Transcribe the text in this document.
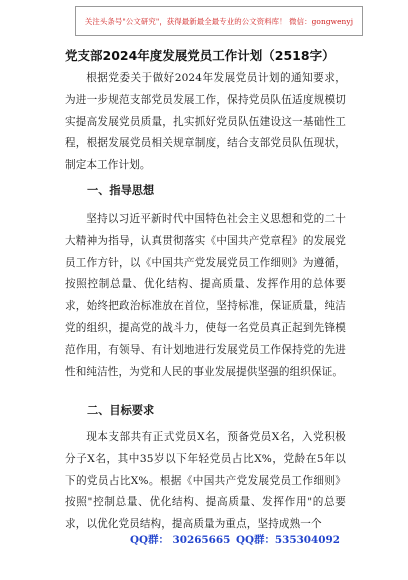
关注头条号"公文研究"，获得最新最全最专业的公文资料库！ 微信：gongwenyj
党支部2024年度发展党员工作计划（2518字）

根据党委关于做好2024年发展党员计划的通知要求，为进一步规范支部党员发展工作，保持党员队伍适度规模切实提高发展党员质量，扎实抓好党员队伍建设这一基础性工程，根据发展党员相关规章制度，结合支部党员队伍现状，制定本工作计划。

一、指导思想

坚持以习近平新时代中国特色社会主义思想和党的二十大精神为指导，认真贯彻落实《中国共产党章程》的发展党员工作方针，以《中国共产党发展党员工作细则》为遵循，按照控制总量、优化结构、提高质量、发挥作用的总体要求，始终把政治标准放在首位，坚持标准，保证质量，纯洁党的组织，提高党的战斗力，使每一名党员真正起到先锋模范作用，有领导、有计划地进行发展党员工作保持党的先进性和纯洁性，为党和人民的事业发展提供坚强的组织保证。

二、目标要求

现本支部共有正式党员X名，预备党员X名，入党积极分子X名，其中35岁以下年轻党员占比X%，党龄在5年以下的党员占比X%。根据《中国共产党发展党员工作细则》按照"控制总量、优化结构、提高质量、发挥作用"的总要求，以优化党员结构，提高质量为重点，坚持成熟一个

QQ群： 30265665 QQ群：535304092
